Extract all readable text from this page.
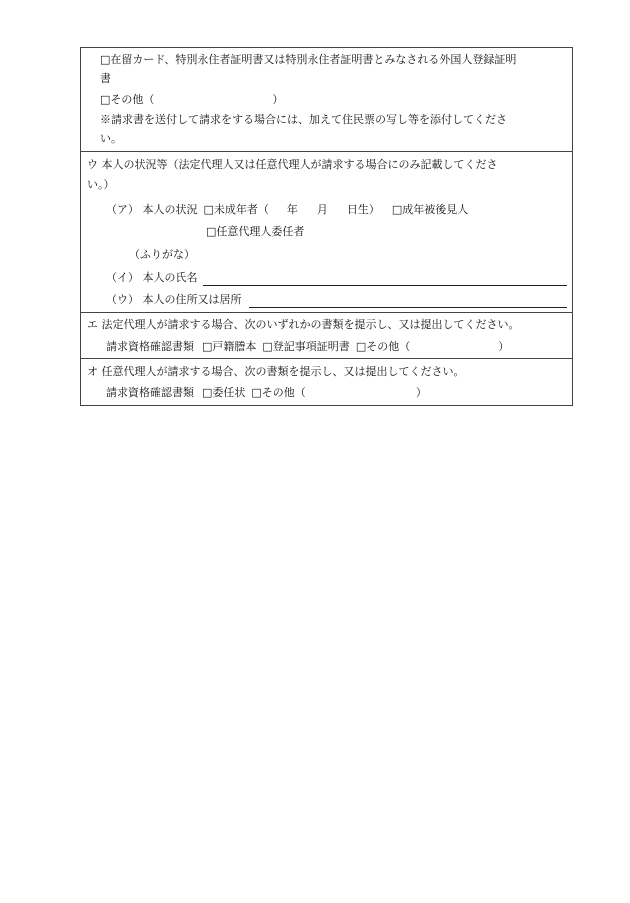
□在留カード、特別永住者証明書又は特別永住者証明書とみなされる外国人登録証明
書
□その他（	）
※請求書を送付して請求をする場合には、加えて住民票の写し等を添付してくださ
い。
ウ 本人の状況等（法定代理人又は任意代理人が請求する場合にのみ記載してくださ
い。）
（ア） 本人の状況 □未成年者（ 年 月 日生） □成年被後見人
□任意代理人委任者
（ふりがな）
（イ） 本人の氏名
（ウ） 本人の住所又は居所
エ 法定代理人が請求する場合、次のいずれかの書類を提示し、又は提出してください。
請求資格確認書類 □戸籍謄本 □登記事項証明書 □その他（	）
オ 任意代理人が請求する場合、次の書類を提示し、又は提出してください。
請求資格確認書類 □委任状 □その他（	）
